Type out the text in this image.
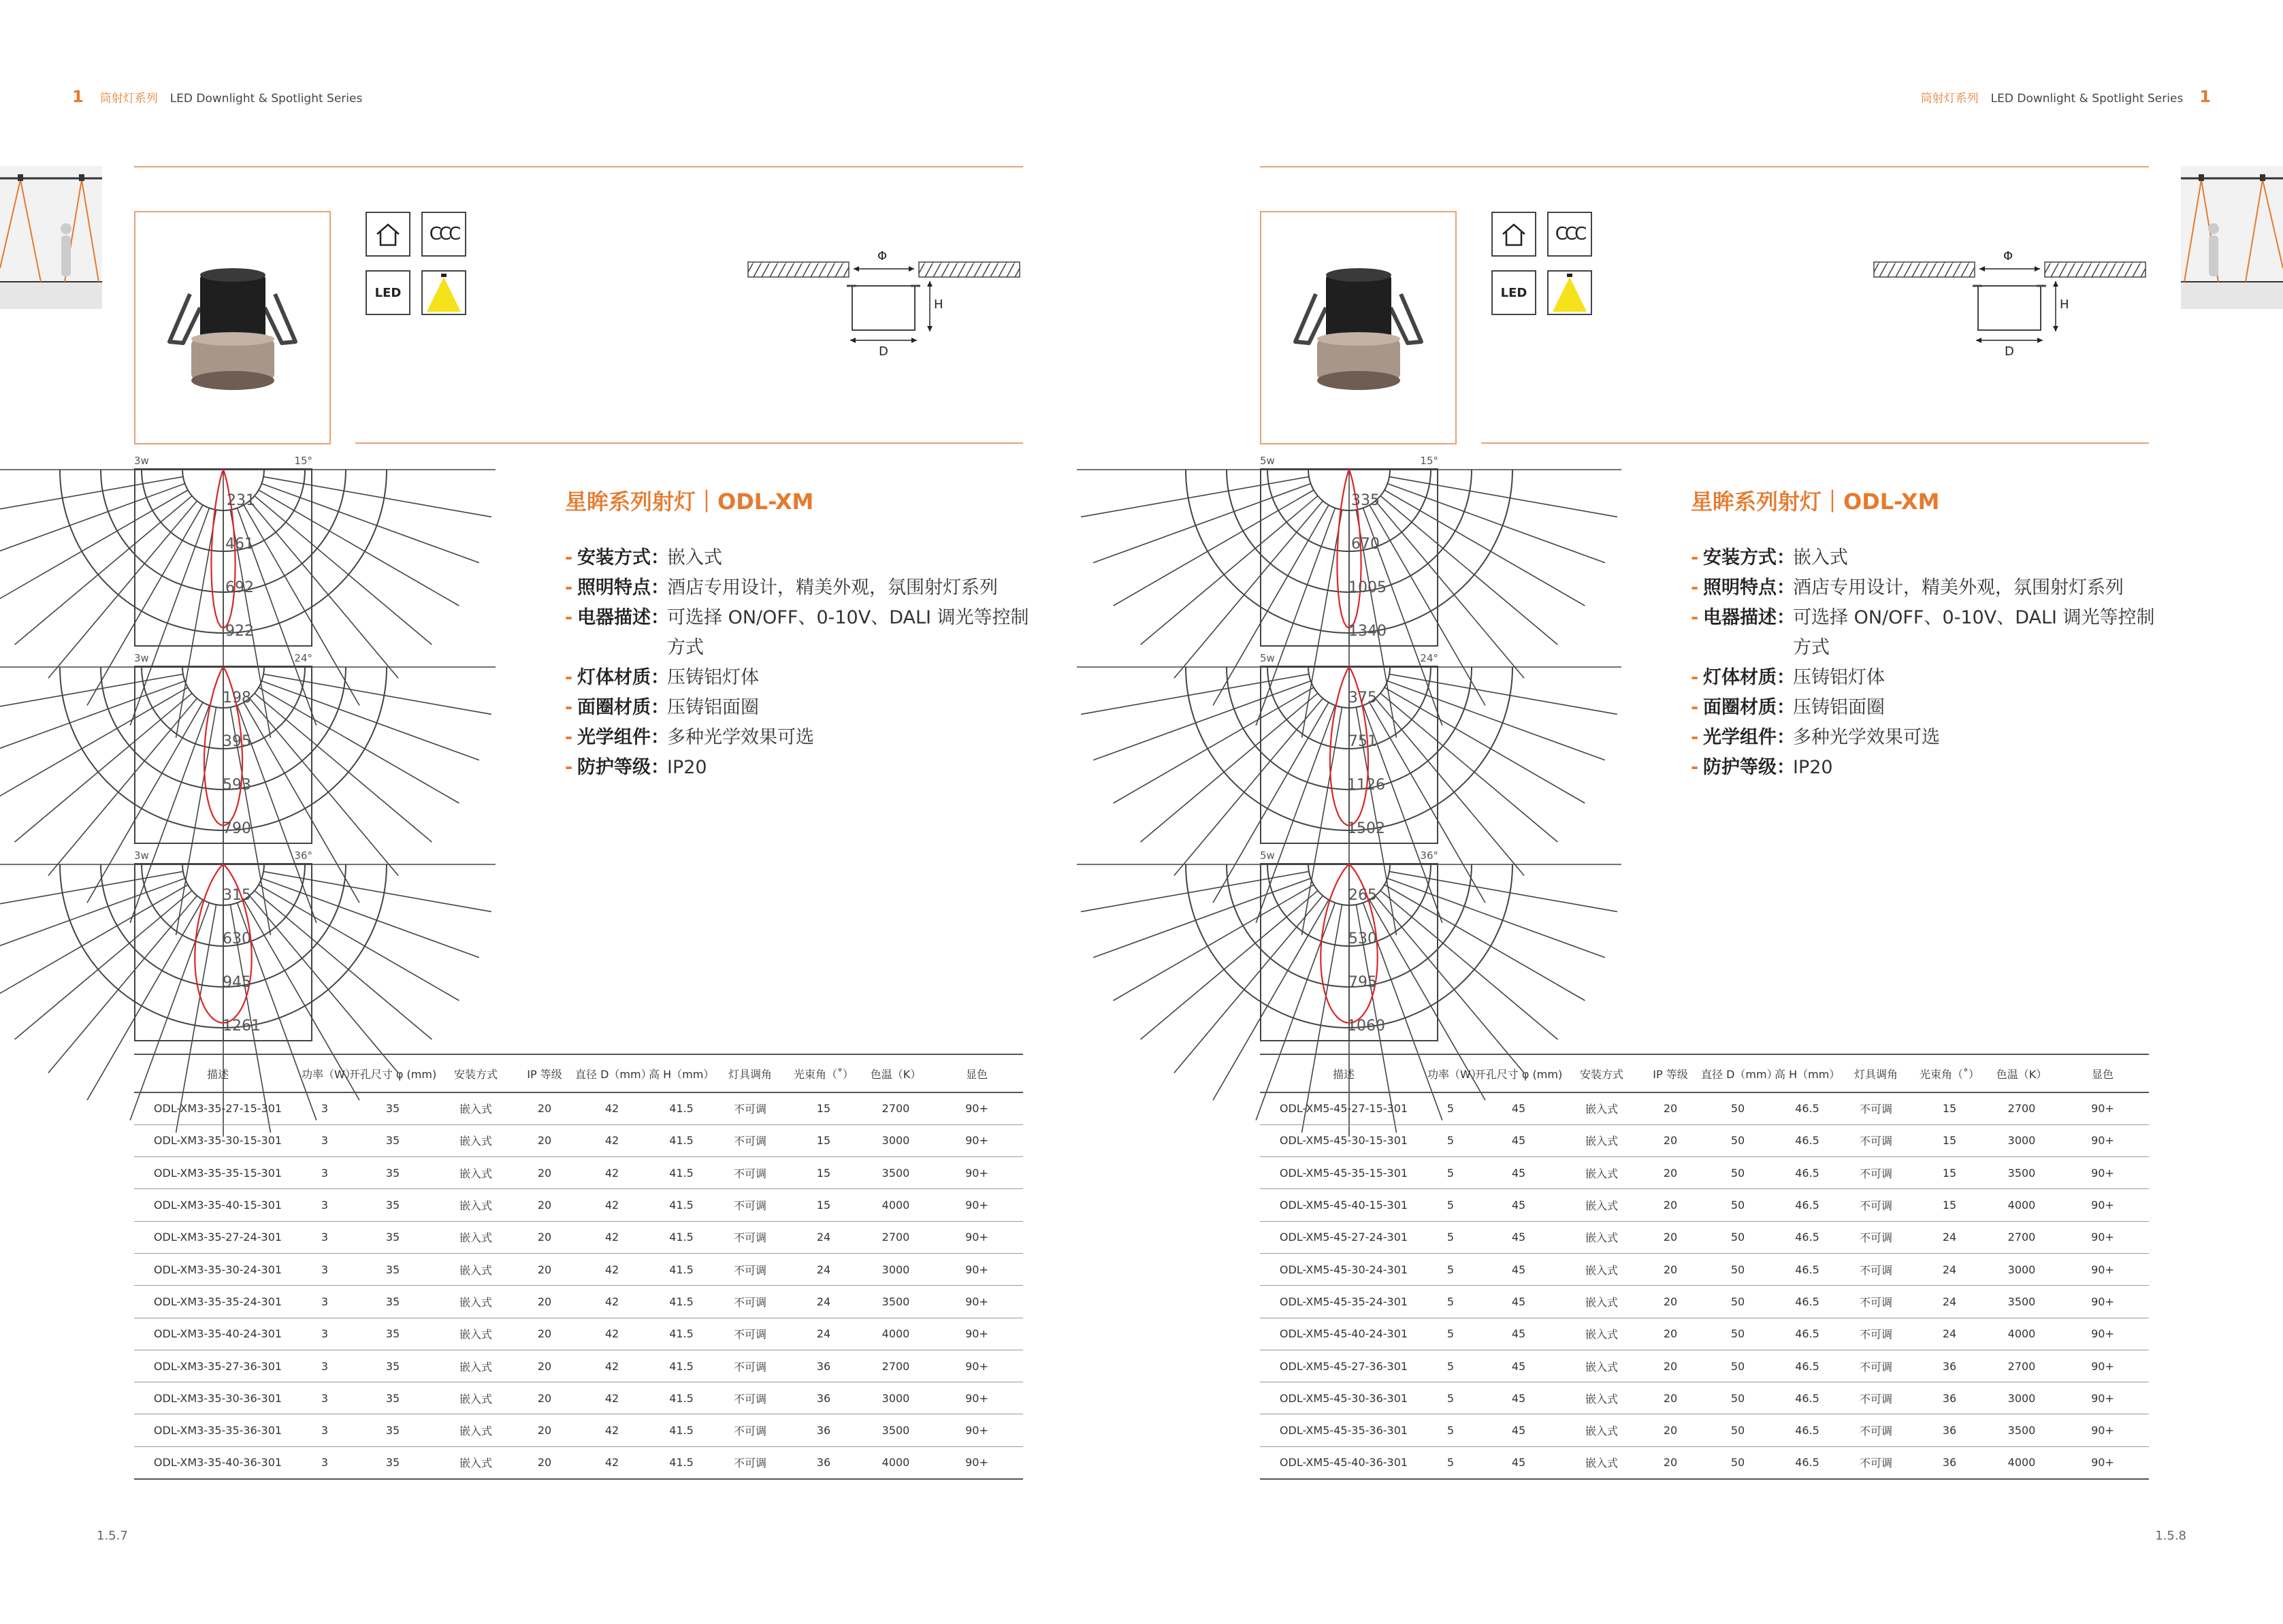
1 筒射灯系列 LED Downlight & Spotlight Series
CCC
LED
Φ
H
D
3w	15°
231
461
692
922
3w	24°
198
395
593
790
3w	36°
315
630
945
1261
星眸系列射灯｜ODL-XM
- 安装方式：
嵌入式
- 照明特点：
酒店专用设计，精美外观，氛围射灯系列
- 电器描述：
可选择 ON/OFF、0-10V、DALI 调光等控制方式
- 灯体材质：
压铸铝灯体
- 面圈材质：
压铸铝面圈
- 光学组件：
多种光学效果可选
- 防护等级：
IP20
描述	功率（W）	开孔尺寸 φ (mm)	安装方式	IP 等级	直径 D（mm）	高 H（mm）	灯具调角	光束角（˚）	色温（K）	显色
ODL-XM3-35-27-15-301	3	35	嵌入式	20	42	41.5	不可调	15	2700	90+
ODL-XM3-35-30-15-301	3	35	嵌入式	20	42	41.5	不可调	15	3000	90+
ODL-XM3-35-35-15-301	3	35	嵌入式	20	42	41.5	不可调	15	3500	90+
ODL-XM3-35-40-15-301	3	35	嵌入式	20	42	41.5	不可调	15	4000	90+
ODL-XM3-35-27-24-301	3	35	嵌入式	20	42	41.5	不可调	24	2700	90+
ODL-XM3-35-30-24-301	3	35	嵌入式	20	42	41.5	不可调	24	3000	90+
ODL-XM3-35-35-24-301	3	35	嵌入式	20	42	41.5	不可调	24	3500	90+
ODL-XM3-35-40-24-301	3	35	嵌入式	20	42	41.5	不可调	24	4000	90+
ODL-XM3-35-27-36-301	3	35	嵌入式	20	42	41.5	不可调	36	2700	90+
ODL-XM3-35-30-36-301	3	35	嵌入式	20	42	41.5	不可调	36	3000	90+
ODL-XM3-35-35-36-301	3	35	嵌入式	20	42	41.5	不可调	36	3500	90+
ODL-XM3-35-40-36-301	3	35	嵌入式	20	42	41.5	不可调	36	4000	90+
1.5.7
筒射灯系列 LED Downlight & Spotlight Series 1
CCC
LED
Φ
H
D
5w	15°
335
670
1005
1340
5w	24°
375
751
1126
1502
5w	36°
265
530
795
1060
星眸系列射灯｜ODL-XM
- 安装方式：
嵌入式
- 照明特点：
酒店专用设计，精美外观，氛围射灯系列
- 电器描述：
可选择 ON/OFF、0-10V、DALI 调光等控制方式
- 灯体材质：
压铸铝灯体
- 面圈材质：
压铸铝面圈
- 光学组件：
多种光学效果可选
- 防护等级：
IP20
描述	功率（W）	开孔尺寸 φ (mm)	安装方式	IP 等级	直径 D（mm）	高 H（mm）	灯具调角	光束角（˚）	色温（K）	显色
ODL-XM5-45-27-15-301	5	45	嵌入式	20	50	46.5	不可调	15	2700	90+
ODL-XM5-45-30-15-301	5	45	嵌入式	20	50	46.5	不可调	15	3000	90+
ODL-XM5-45-35-15-301	5	45	嵌入式	20	50	46.5	不可调	15	3500	90+
ODL-XM5-45-40-15-301	5	45	嵌入式	20	50	46.5	不可调	15	4000	90+
ODL-XM5-45-27-24-301	5	45	嵌入式	20	50	46.5	不可调	24	2700	90+
ODL-XM5-45-30-24-301	5	45	嵌入式	20	50	46.5	不可调	24	3000	90+
ODL-XM5-45-35-24-301	5	45	嵌入式	20	50	46.5	不可调	24	3500	90+
ODL-XM5-45-40-24-301	5	45	嵌入式	20	50	46.5	不可调	24	4000	90+
ODL-XM5-45-27-36-301	5	45	嵌入式	20	50	46.5	不可调	36	2700	90+
ODL-XM5-45-30-36-301	5	45	嵌入式	20	50	46.5	不可调	36	3000	90+
ODL-XM5-45-35-36-301	5	45	嵌入式	20	50	46.5	不可调	36	3500	90+
ODL-XM5-45-40-36-301	5	45	嵌入式	20	50	46.5	不可调	36	4000	90+
1.5.8
